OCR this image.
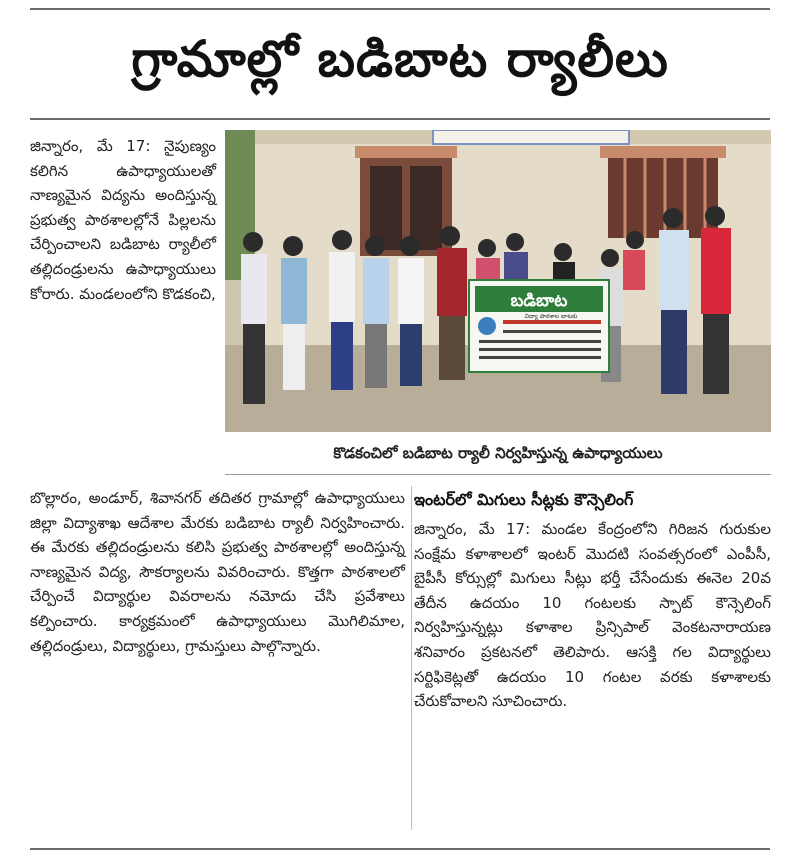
గ్రామాల్లో బడిబాట ర్యాలీలు

జిన్నారం, మే 17: నైపుణ్యం కలిగిన ఉపాధ్యాయులతో నాణ్యమైన విద్యను అందిస్తున్న ప్రభుత్వ పాఠశాలల్లోనే పిల్లలను చేర్పించాలని బడిబాట ర్యాలీలో తల్లిదండ్రులను ఉపాధ్యాయులు కోరారు. మండలంలోని కొడకంచి,	బడిబాట
విద్యా పాఠశాల బాటకు
కొడకంచిలో బడిబాట ర్యాలీ నిర్వహిస్తున్న ఉపాధ్యాయులు

బొల్లారం, అండూర్, శివానగర్ తదితర గ్రామాల్లో ఉపాధ్యాయులు జిల్లా విద్యాశాఖ ఆదేశాల మేరకు బడిబాట ర్యాలీ నిర్వహించారు. ఈ మేరకు తల్లిదండ్రులను కలిసి ప్రభుత్వ పాఠశాలల్లో అందిస్తున్న నాణ్యమైన విద్య, సౌకర్యాలను వివరించారు. కొత్తగా పాఠశాలలో చేర్పించే విద్యార్థుల వివరాలను నమోదు చేసి ప్రవేశాలు కల్పించారు. కార్యక్రమంలో ఉపాధ్యాయులు మొగిలిమాల, తల్లిదండ్రులు, విద్యార్థులు, గ్రామస్తులు పాల్గొన్నారు.

ఇంటర్‌లో మిగులు సీట్లకు కౌన్సెలింగ్

జిన్నారం, మే 17: మండల కేంద్రంలోని గిరిజన గురుకుల సంక్షేమ కళాశాలలో ఇంటర్ మొదటి సంవత్సరంలో ఎంపీసీ, బైపీసీ కోర్సుల్లో మిగులు సీట్లు భర్తీ చేసేందుకు ఈనెల 20వ తేదీన ఉదయం 10 గంటలకు స్పాట్ కౌన్సెలింగ్ నిర్వహిస్తున్నట్లు కళాశాల ప్రిన్సిపాల్ వెంకటనారాయణ శనివారం ప్రకటనలో తెలిపారు. ఆసక్తి గల విద్యార్థులు సర్టిఫికెట్లతో ఉదయం 10 గంటల వరకు కళాశాలకు చేరుకోవాలని సూచించారు.
